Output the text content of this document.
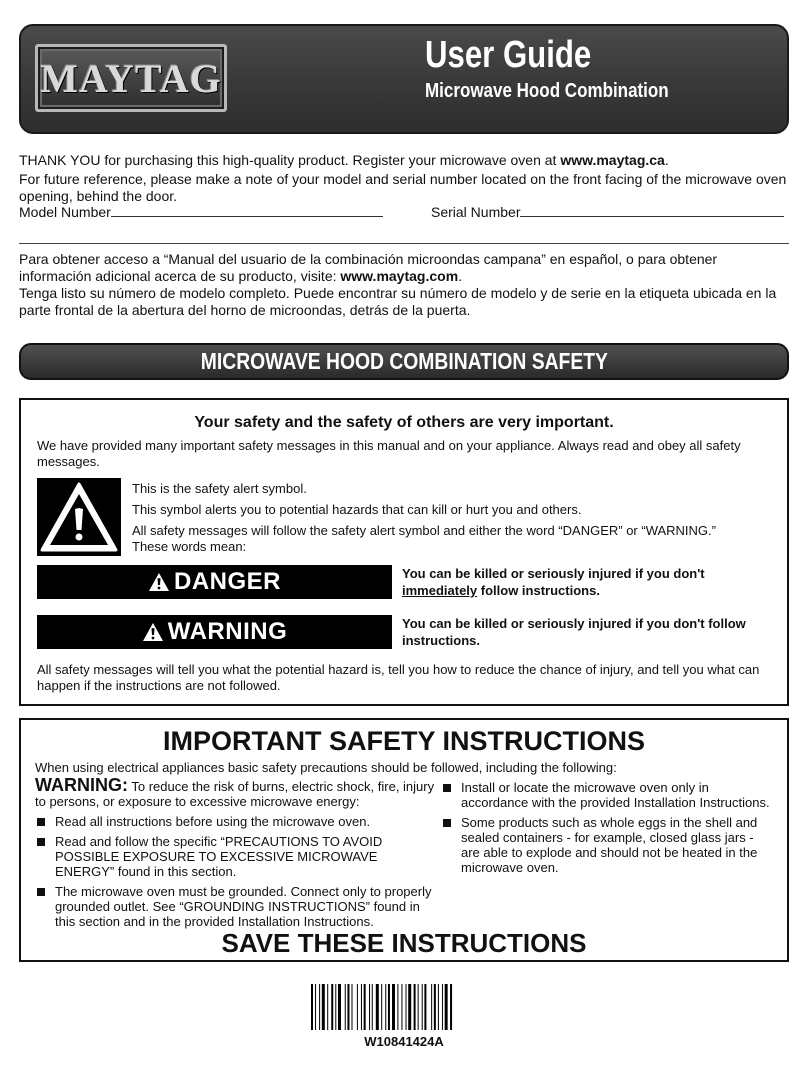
MAYTAG
User Guide
Microwave Hood Combination
THANK YOU for purchasing this high-quality product. Register your microwave oven at www.maytag.ca.
For future reference, please make a note of your model and serial number located on the front facing of the microwave oven opening, behind the door.
Model Number	Serial Number
Para obtener acceso a “Manual del usuario de la combinación microondas campana” en español, o para obtener información adicional acerca de su producto, visite: www.maytag.com.
Tenga listo su número de modelo completo. Puede encontrar su número de modelo y de serie en la etiqueta ubicada en la parte frontal de la abertura del horno de microondas, detrás de la puerta.
MICROWAVE HOOD COMBINATION SAFETY
Your safety and the safety of others are very important.
We have provided many important safety messages in this manual and on your appliance. Always read and obey all safety messages.
This is the safety alert symbol.
This symbol alerts you to potential hazards that can kill or hurt you and others.
All safety messages will follow the safety alert symbol and either the word “DANGER” or “WARNING.”
These words mean:
DANGER	You can be killed or seriously injured if you don't immediately follow instructions.
WARNING	You can be killed or seriously injured if you don't follow instructions.
All safety messages will tell you what the potential hazard is, tell you how to reduce the chance of injury, and tell you what can happen if the instructions are not followed.
IMPORTANT SAFETY INSTRUCTIONS
When using electrical appliances basic safety precautions should be followed, including the following:
WARNING: To reduce the risk of burns, electric shock, fire, injury to persons, or exposure to excessive microwave energy:
Read all instructions before using the microwave oven.
Read and follow the specific “PRECAUTIONS TO AVOID POSSIBLE EXPOSURE TO EXCESSIVE MICROWAVE ENERGY” found in this section.
The microwave oven must be grounded. Connect only to properly grounded outlet. See “GROUNDING INSTRUCTIONS” found in this section and in the provided Installation Instructions.
Install or locate the microwave oven only in accordance with the provided Installation Instructions.
Some products such as whole eggs in the shell and sealed containers - for example, closed glass jars - are able to explode and should not be heated in the microwave oven.
SAVE THESE INSTRUCTIONS
W10841424A
